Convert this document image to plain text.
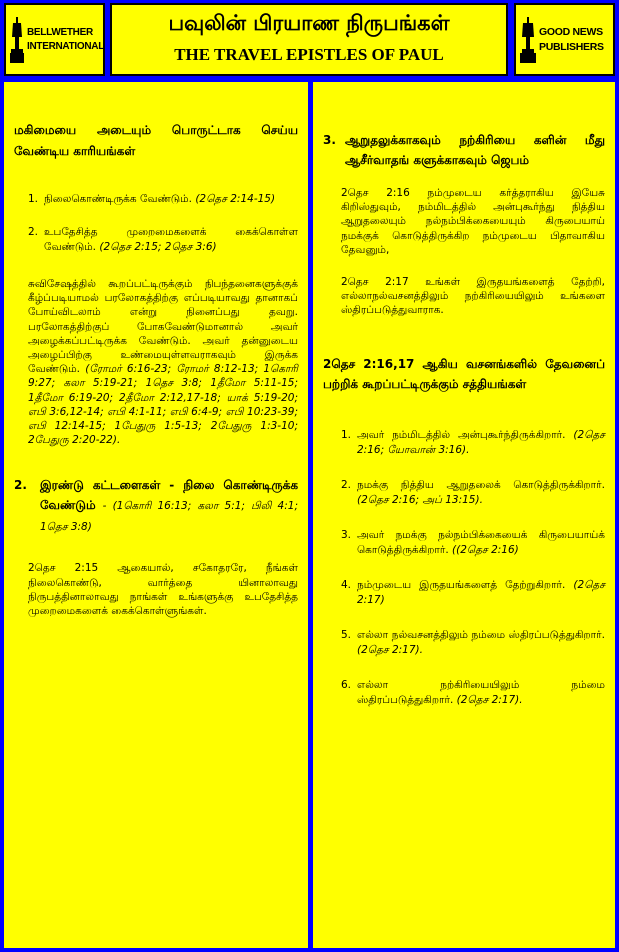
BELLWETHER
INTERNATIONAL
பவுலின் பிரயாண நிருபங்கள்
THE TRAVEL EPISTLES OF PAUL
GOOD NEWS
PUBLISHERS
மகிமையை அடையும் பொருட்டாக செய்ய வேண்டிய காரியங்கள்
1. நிலைகொண்டிருக்க வேண்டும். (2தெச 2:14-15)
2. உபதேசித்த முறைமைகளைக் கைக்கொள்ள வேண்டும். (2தெச 2:15; 2தெச 3:6)

சுவிசேஷத்தில் கூறப்பட்டிருக்கும் நிபந்தனைகளுக்குக் கீழ்ப்படியாமல் பரலோகத்திற்கு எப்படியாவது தானாகப் போய்விடலாம் என்று நினைப்பது தவறு. பரலோகத்திற்குப் போகவேண்டுமானால் அவர் அழைக்கப்பட்டிருக்க வேண்டும். அவர் தன்னுடைய அழைப்பிற்கு உண்மையுள்ளவராகவும் இருக்க வேண்டும். (ரோமர் 6:16-23; ரோமர் 8:12-13; 1கொரி 9:27; கலா 5:19-21; 1தெச 3:8; 1தீமோ 5:11-15; 1தீமோ 6:19-20; 2தீமோ 2:12,17-18; யாக் 5:19-20; எபி 3:6,12-14; எபி 4:1-11; எபி 6:4-9; எபி 10:23-39; எபி 12:14-15; 1பேதுரு 1:5-13; 2பேதுரு 1:3-10; 2பேதுரு 2:20-22).

2.	இரண்டு கட்டளைகள் - நிலை கொண்டிருக்க வேண்டும் - (1கொரி 16:13; கலா 5:1; பிலி 4:1; 1தெச 3:8)

2தெச 2:15 ஆகையால், சகோதரரே, நீங்கள் நிலைகொண்டு, வார்த்தை யினாலாவது நிருபத்தினாலாவது நாங்கள் உங்களுக்கு உபதேசித்த முறைமைகளைக் கைக்கொள்ளுங்கள்.

3. ஆறுதலுக்காகவும் நற்கிரியை களின் மீது ஆசீர்வாதங் களுக்காகவும் ஜெபம்

2தெச 2:16 நம்முடைய கர்த்தராகிய இயேசு கிறிஸ்துவும், நம்மிடத்தில் அன்புகூர்ந்து நித்திய ஆறுதலையும் நல்நம்பிக்கையையும் கிருபையாய் நமக்குக் கொடுத்திருக்கிற நம்முடைய பிதாவாகிய தேவனும்,

2தெச 2:17 உங்கள் இருதயங்களைத் தேற்றி, எல்லாநல்வசனத்திலும் நற்கிரியையிலும் உங்களை ஸ்திரப்படுத்துவாராக.

2தெச 2:16,17 ஆகிய வசனங்களில் தேவனைப் பற்றிக் கூறப்பட்டிருக்கும் சத்தியங்கள்
1. அவர் நம்மிடத்தில் அன்புகூர்ந்திருக்கிறார். (2தெச 2:16; யோவான் 3:16).
2. நமக்கு நித்திய ஆறுதலைக் கொடுத்திருக்கிறார். (2தெச 2:16; அப் 13:15).
3. அவர் நமக்கு நல்நம்பிக்கையைக் கிருபையாய்க் கொடுத்திருக்கிறார். ((2தெச 2:16)
4. நம்முடைய இருதயங்களைத் தேற்றுகிறார். (2தெச 2:17)
5. எல்லா நல்வசனத்திலும் நம்மை ஸ்திரப்படுத்துகிறார். (2தெச 2:17).
6. எல்லா நற்கிரியையிலும் நம்மை ஸ்திரப்படுத்துகிறார். (2தெச 2:17).
